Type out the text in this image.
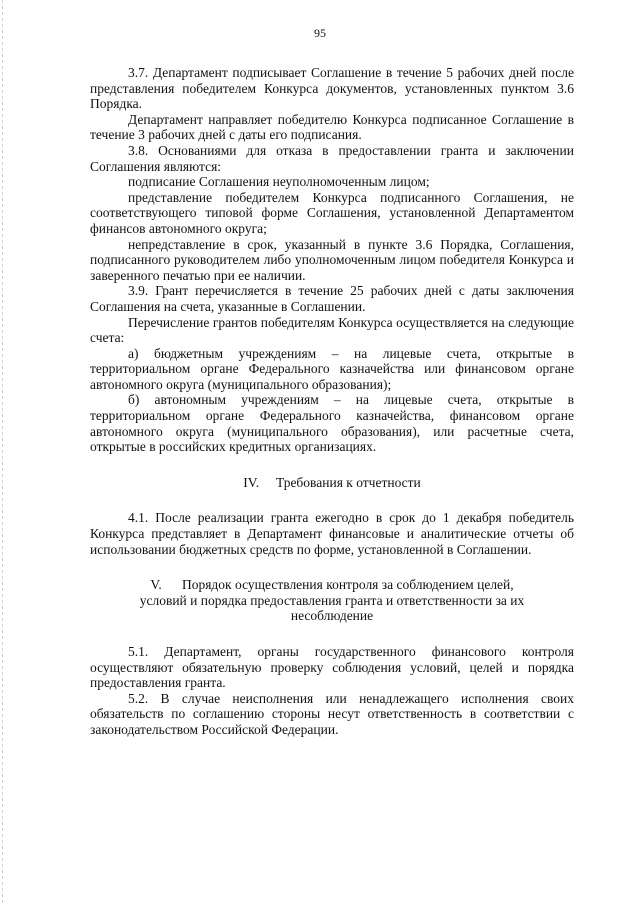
95

3.7. Департамент подписывает Соглашение в течение 5 рабочих дней после представления победителем Конкурса документов, установленных пунктом 3.6 Порядка.

Департамент направляет победителю Конкурса подписанное Соглашение в течение 3 рабочих дней с даты его подписания.

3.8. Основаниями для отказа в предоставлении гранта и заключении Соглашения являются:

подписание Соглашения неуполномоченным лицом;

представление победителем Конкурса подписанного Соглашения, не соответствующего типовой форме Соглашения, установленной Департаментом финансов автономного округа;

непредставление в срок, указанный в пункте 3.6 Порядка, Соглашения, подписанного руководителем либо уполномоченным лицом победителя Конкурса и заверенного печатью при ее наличии.

3.9. Грант перечисляется в течение 25 рабочих дней с даты заключения Соглашения на счета, указанные в Соглашении.

Перечисление грантов победителям Конкурса осуществляется на следующие счета:

а) бюджетным учреждениям – на лицевые счета, открытые в территориальном органе Федерального казначейства или финансовом органе автономного округа (муниципального образования);

б) автономным учреждениям – на лицевые счета, открытые в территориальном органе Федерального казначейства, финансовом органе автономного округа (муниципального образования), или расчетные счета, открытые в российских кредитных организациях.

IV.     Требования к отчетности

4.1. После реализации гранта ежегодно в срок до 1 декабря победитель Конкурса представляет в Департамент финансовые и аналитические отчеты об использовании бюджетных средств по форме, установленной в Соглашении.

V.      Порядок осуществления контроля за соблюдением целей,
условий и порядка предоставления гранта и ответственности за их
несоблюдение

5.1. Департамент, органы государственного финансового контроля осуществляют обязательную проверку соблюдения условий, целей и порядка предоставления гранта.

5.2. В случае неисполнения или ненадлежащего исполнения своих обязательств по соглашению стороны несут ответственность в соответствии с законодательством Российской Федерации.
